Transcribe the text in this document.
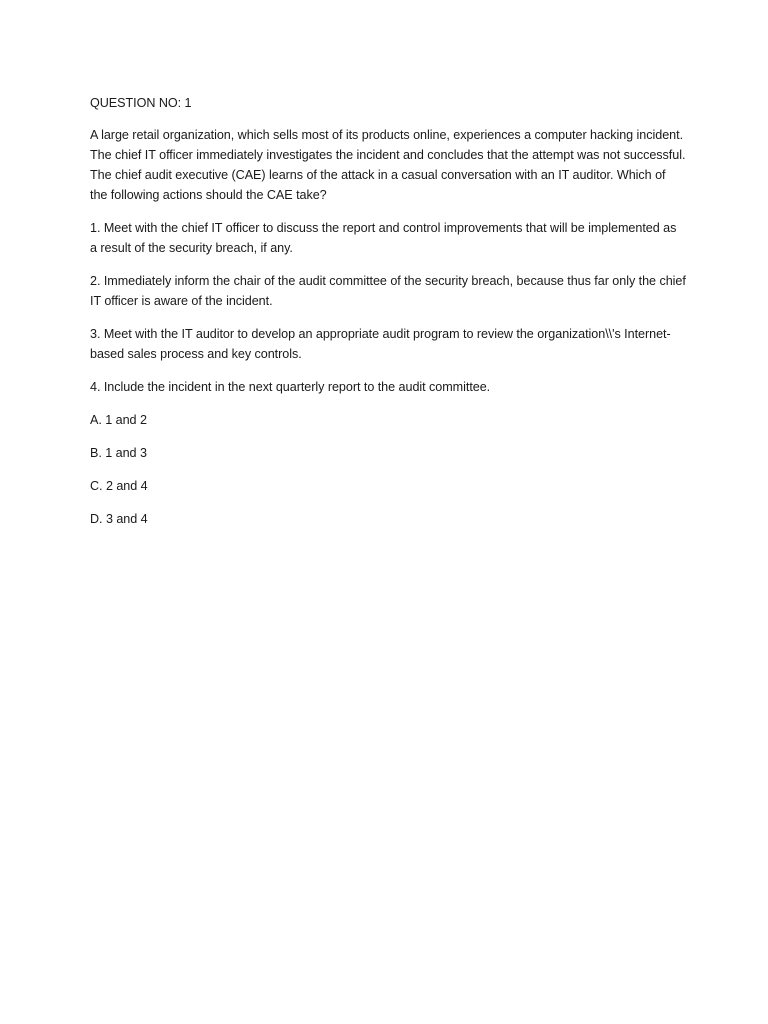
QUESTION NO: 1

A large retail organization, which sells most of its products online, experiences a computer hacking incident. The chief IT officer immediately investigates the incident and concludes that the attempt was not successful. The chief audit executive (CAE) learns of the attack in a casual conversation with an IT auditor. Which of the following actions should the CAE take?

1. Meet with the chief IT officer to discuss the report and control improvements that will be implemented as a result of the security breach, if any.

2. Immediately inform the chair of the audit committee of the security breach, because thus far only the chief IT officer is aware of the incident.

3. Meet with the IT auditor to develop an appropriate audit program to review the organization\\'s Internet- based sales process and key controls.

4. Include the incident in the next quarterly report to the audit committee.

A. 1 and 2

B. 1 and 3

C. 2 and 4

D. 3 and 4
